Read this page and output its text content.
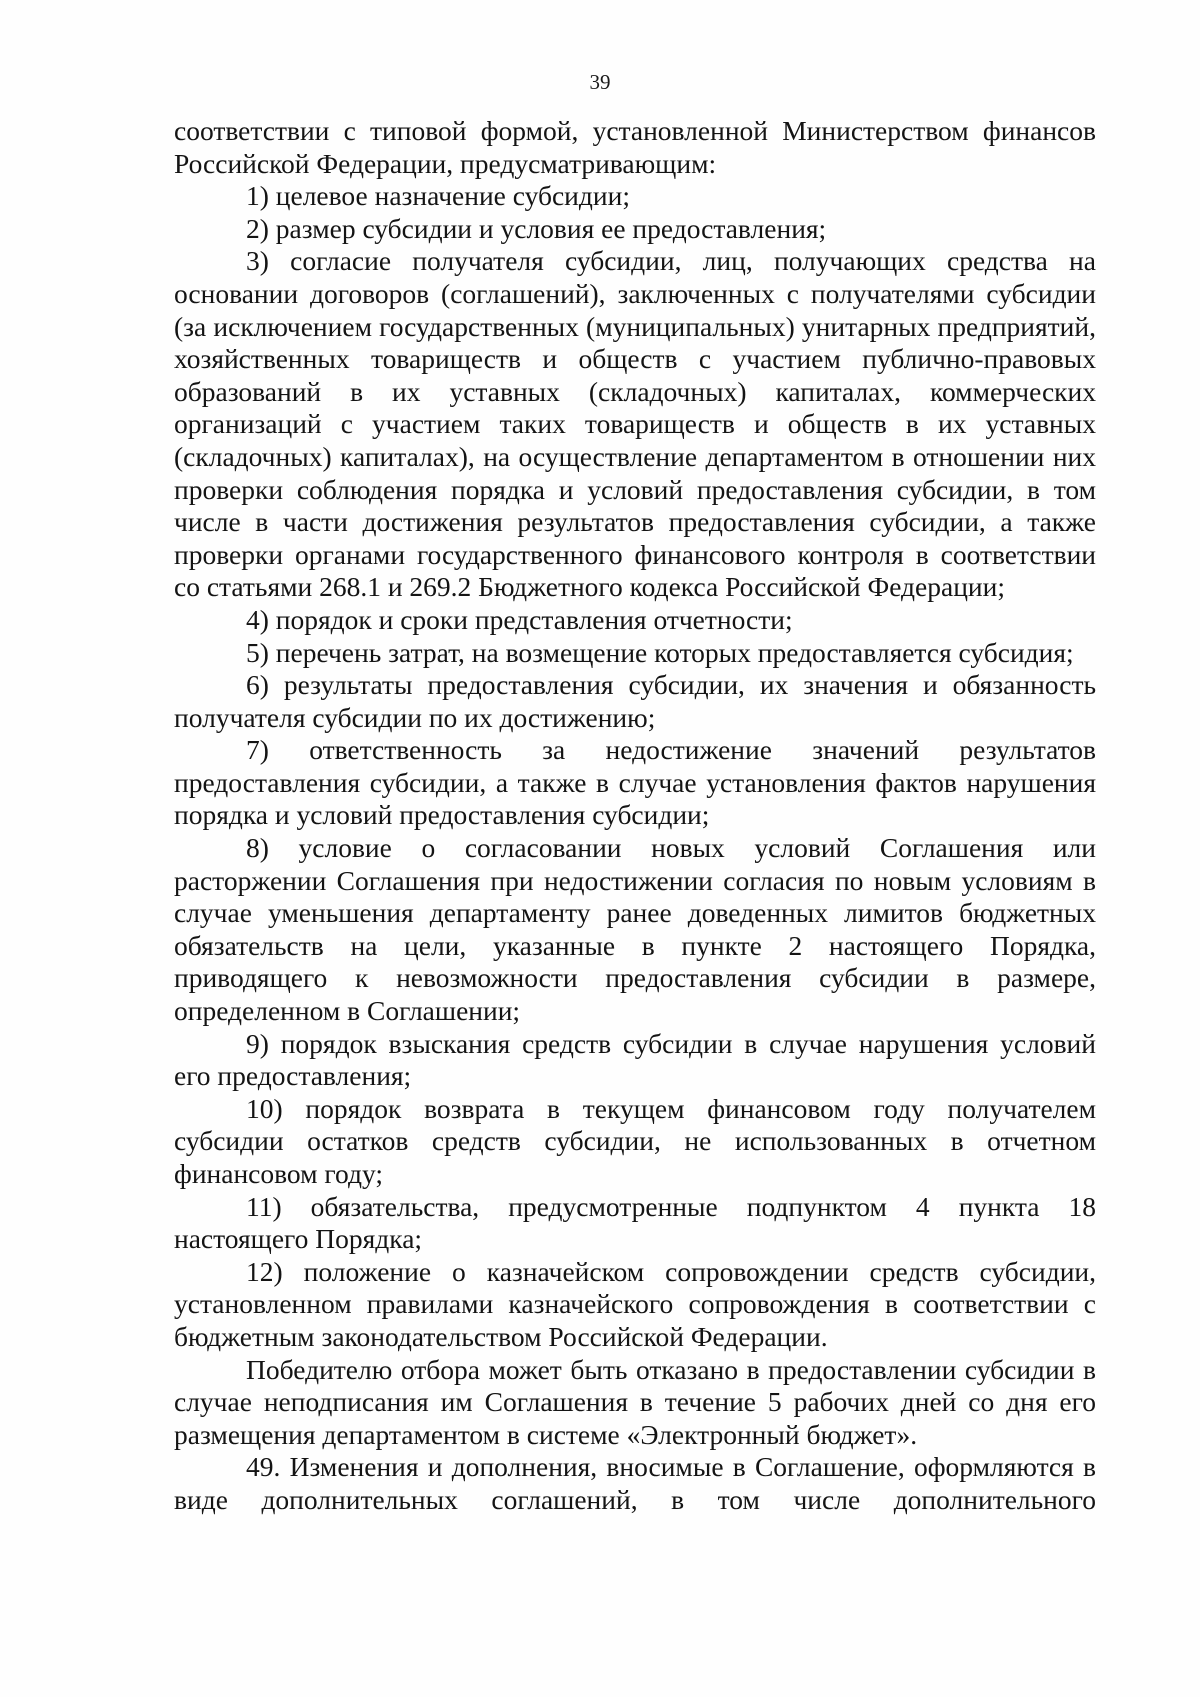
39

соответствии с типовой формой, установленной Министерством финансов Российской Федерации, предусматривающим:

1) целевое назначение субсидии;

2) размер субсидии и условия ее предоставления;

3) согласие получателя субсидии, лиц, получающих средства на основании договоров (соглашений), заключенных с получателями субсидии (за исключением государственных (муниципальных) унитарных предприятий, хозяйственных товариществ и обществ с участием публично-правовых образований в их уставных (складочных) капиталах, коммерческих организаций с участием таких товариществ и обществ в их уставных (складочных) капиталах), на осуществление департаментом в отношении них проверки соблюдения порядка и условий предоставления субсидии, в том числе в части достижения результатов предоставления субсидии, а также проверки органами государственного финансового контроля в соответствии со статьями 268.1 и 269.2 Бюджетного кодекса Российской Федерации;

4) порядок и сроки представления отчетности;

5) перечень затрат, на возмещение которых предоставляется субсидия;

6) результаты предоставления субсидии, их значения и обязанность получателя субсидии по их достижению;

7) ответственность за недостижение значений результатов предоставления субсидии, а также в случае установления фактов нарушения порядка и условий предоставления субсидии;

8) условие о согласовании новых условий Соглашения или расторжении Соглашения при недостижении согласия по новым условиям в случае уменьшения департаменту ранее доведенных лимитов бюджетных обязательств на цели, указанные в пункте 2 настоящего Порядка, приводящего к невозможности предоставления субсидии в размере, определенном в Соглашении;

9) порядок взыскания средств субсидии в случае нарушения условий его предоставления;

10) порядок возврата в текущем финансовом году получателем субсидии остатков средств субсидии, не использованных в отчетном финансовом году;

11) обязательства, предусмотренные подпунктом 4 пункта 18 настоящего Порядка;

12) положение о казначейском сопровождении средств субсидии, установленном правилами казначейского сопровождения в соответствии с бюджетным законодательством Российской Федерации.

Победителю отбора может быть отказано в предоставлении субсидии в случае неподписания им Соглашения в течение 5 рабочих дней со дня его размещения департаментом в системе «Электронный бюджет».

49. Изменения и дополнения, вносимые в Соглашение, оформляются в виде дополнительных соглашений, в том числе дополнительного
